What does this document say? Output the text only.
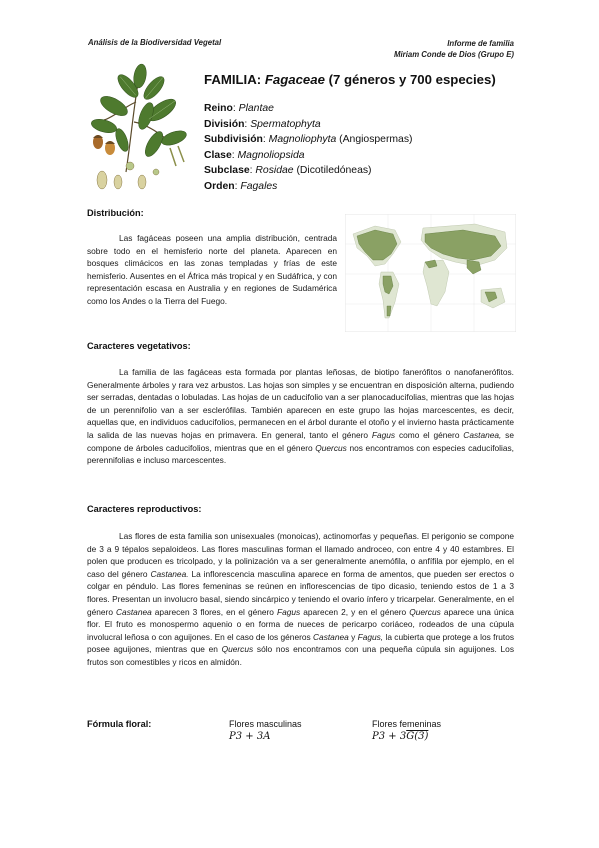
Análisis de la Biodiversidad Vegetal	Informe de familia
Miriam Conde de Dios (Grupo E)
FAMILIA: Fagaceae (7 géneros y 700 especies)
Reino: Plantae
División: Spermatophyta
Subdivisión: Magnoliophyta (Angiospermas)
Clase: Magnoliopsida
Subclase: Rosidae (Dicotiledóneas)
Orden: Fagales
Distribución:
Las fagáceas poseen una amplia distribución, centrada sobre todo en el hemisferio norte del planeta. Aparecen en bosques climácicos en las zonas templadas y frías de este hemisferio. Ausentes en el África más tropical y en Sudáfrica, y con representación escasa en Australia y en regiones de Sudamérica como los Andes o la Tierra del Fuego.
Caracteres vegetativos:
La familia de las fagáceas esta formada por plantas leñosas, de biotipo fanerófitos o nanofanerófitos. Generalmente árboles y rara vez arbustos. Las hojas son simples y se encuentran en disposición alterna, pudiendo ser serradas, dentadas o lobuladas. Las hojas de un caducifolio van a ser planocaducifolias, mientras que las hojas de un perennifolio van a ser esclerófilas. También aparecen en este grupo las hojas marcescentes, es decir, aquellas que, en individuos caducifolios, permanecen en el árbol durante el otoño y el invierno hasta prácticamente la salida de las nuevas hojas en primavera. En general, tanto el género Fagus como el género Castanea, se compone de árboles caducifolios, mientras que en el género Quercus nos encontramos con especies caducifolias, perennifolias e incluso marcescentes.
Caracteres reproductivos:
Las flores de esta familia son unisexuales (monoicas), actinomorfas y pequeñas. El perigonio se compone de 3 a 9 tépalos sepaloideos. Las flores masculinas forman el llamado androceo, con entre 4 y 40 estambres. El polen que producen es tricolpado, y la polinización va a ser generalmente anemófila, o anfífila por ejemplo, en el caso del género Castanea. La inflorescencia masculina aparece en forma de amentos, que pueden ser erectos o colgar en péndulo. Las flores femeninas se reúnen en inflorescencias de tipo dicasio, teniendo estos de 1 a 3 flores. Presentan un involucro basal, siendo sincárpico y teniendo el ovario ínfero y tricarpelar. Generalmente, en el género Castanea aparecen 3 flores, en el género Fagus aparecen 2, y en el género Quercus aparece una única flor. El fruto es monospermo aquenio o en forma de nueces de pericarpo coriáceo, rodeados de una cúpula involucral leñosa o con aguijones. En el caso de los géneros Castanea y Fagus, la cubierta que protege a los frutos posee aguijones, mientras que en Quercus sólo nos encontramos con una pequeña cúpula sin aguijones. Los frutos son comestibles y ricos en almidón.
Fórmula floral:	Flores masculinas
P3 + 3A
Flores femeninas
P3 + 3G(3)
